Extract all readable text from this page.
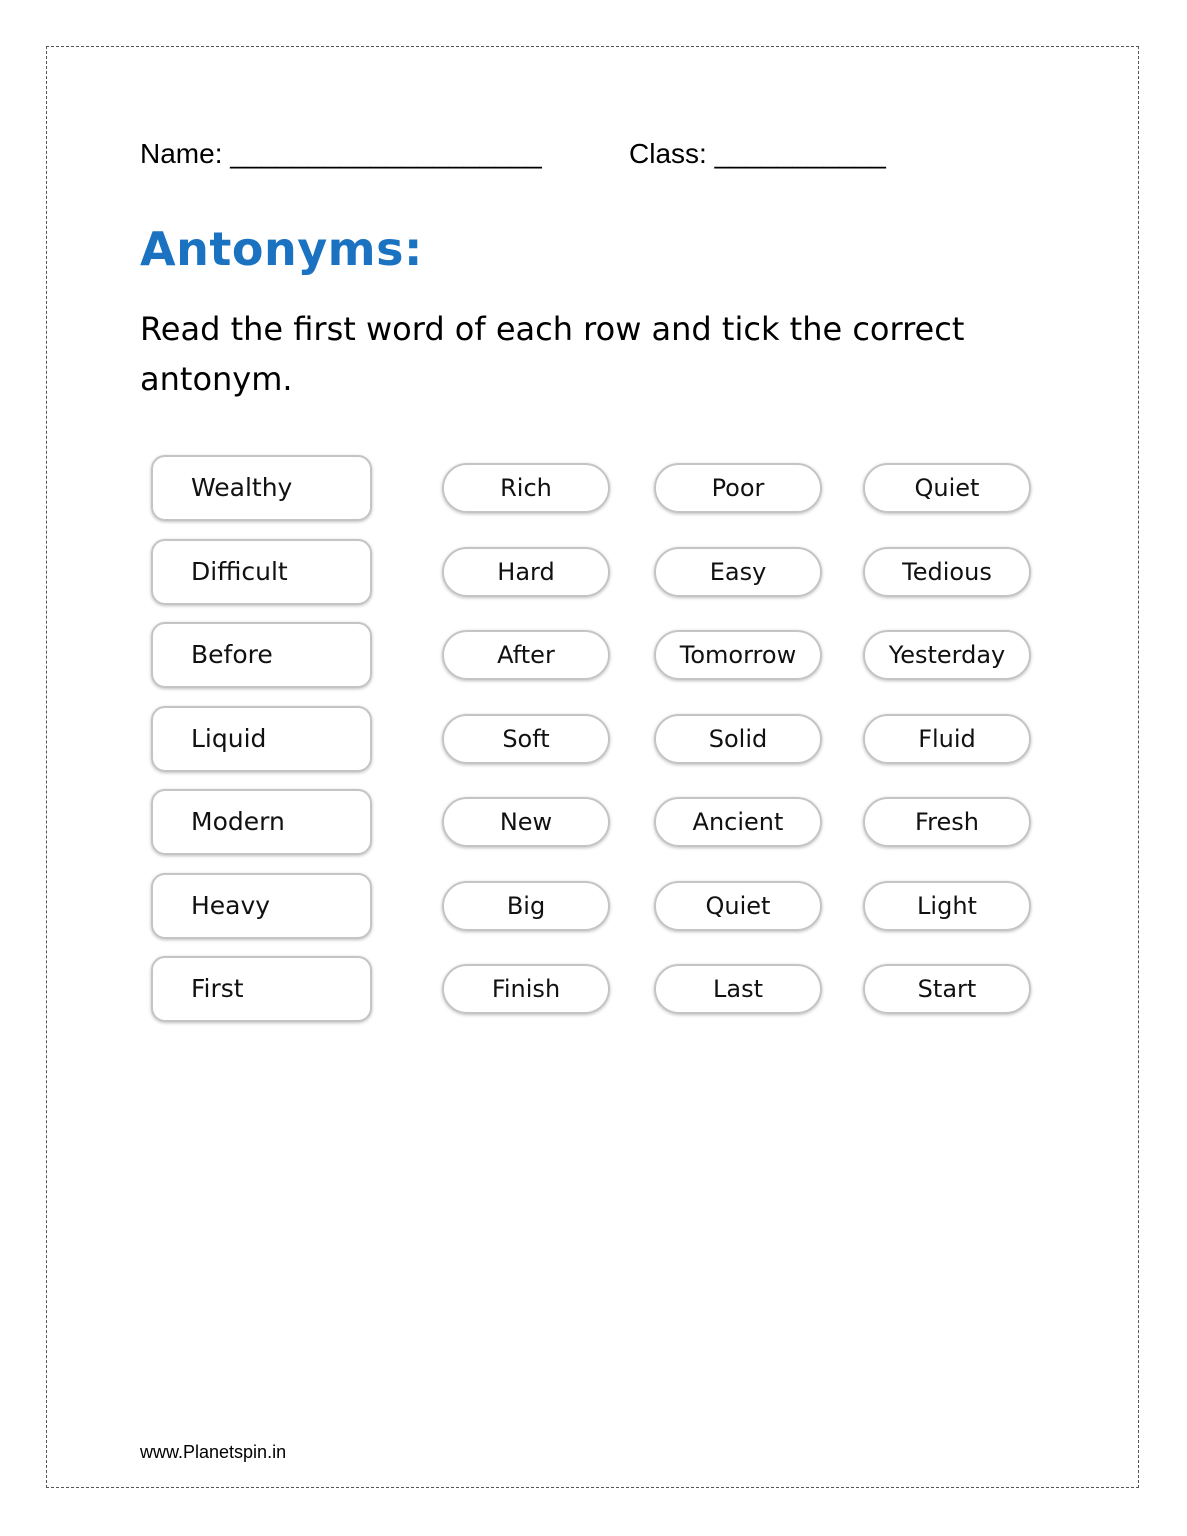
Name: ____________________	Class: ___________
Antonyms:

Read the first word of each row and tick the correct antonym.

Wealthy	Rich	Poor	Quiet
Difficult	Hard	Easy	Tedious
Before	After	Tomorrow	Yesterday
Liquid	Soft	Solid	Fluid
Modern	New	Ancient	Fresh
Heavy	Big	Quiet	Light
First	Finish	Last	Start
www.Planetspin.in
